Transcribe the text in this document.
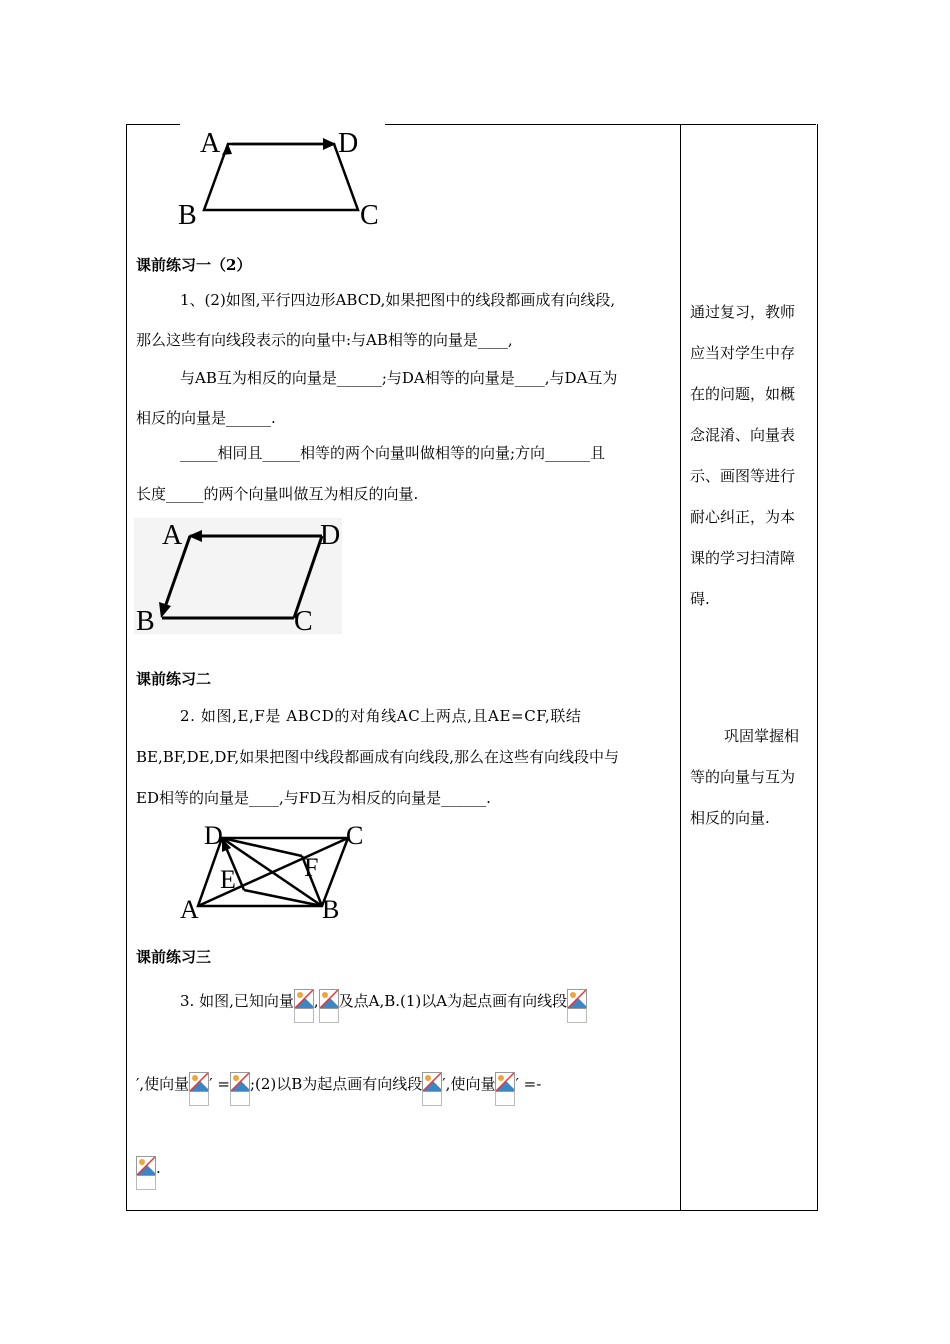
A	D
B	C
课前练习一（2）
1、(2)如图,平行四边形ABCD,如果把图中的线段都画成有向线段,
那么这些有向线段表示的向量中:与AB相等的向量是____,
与AB互为相反的向量是______;与DA相等的向量是____,与DA互为
相反的向量是______.
_____相同且_____相等的两个向量叫做相等的向量;方向______且
长度_____的两个向量叫做互为相反的向量.
A	D
B	C
课前练习二
2. 如图,E,F是 ABCD的对角线AC上两点,且AE=CF,联结
BE,BF,DE,DF,如果把图中线段都画成有向线段,那么在这些有向线段中与
ED相等的向量是____,与FD互为相反的向量是______.
D	C
E	F
A	B
课前练习三
3. 如图,已知向量 , 及点A,B.(1)以A为起点画有向线段
′,使向量 ′ = ;(2)以B为起点画有向线段 ′,使向量 ′ =-
.
通过复习，教师
应当对学生中存
在的问题，如概
念混淆、向量表
示、画图等进行
耐心纠正，为本
课的学习扫清障
碍.
巩固掌握相
等的向量与互为
相反的向量.
